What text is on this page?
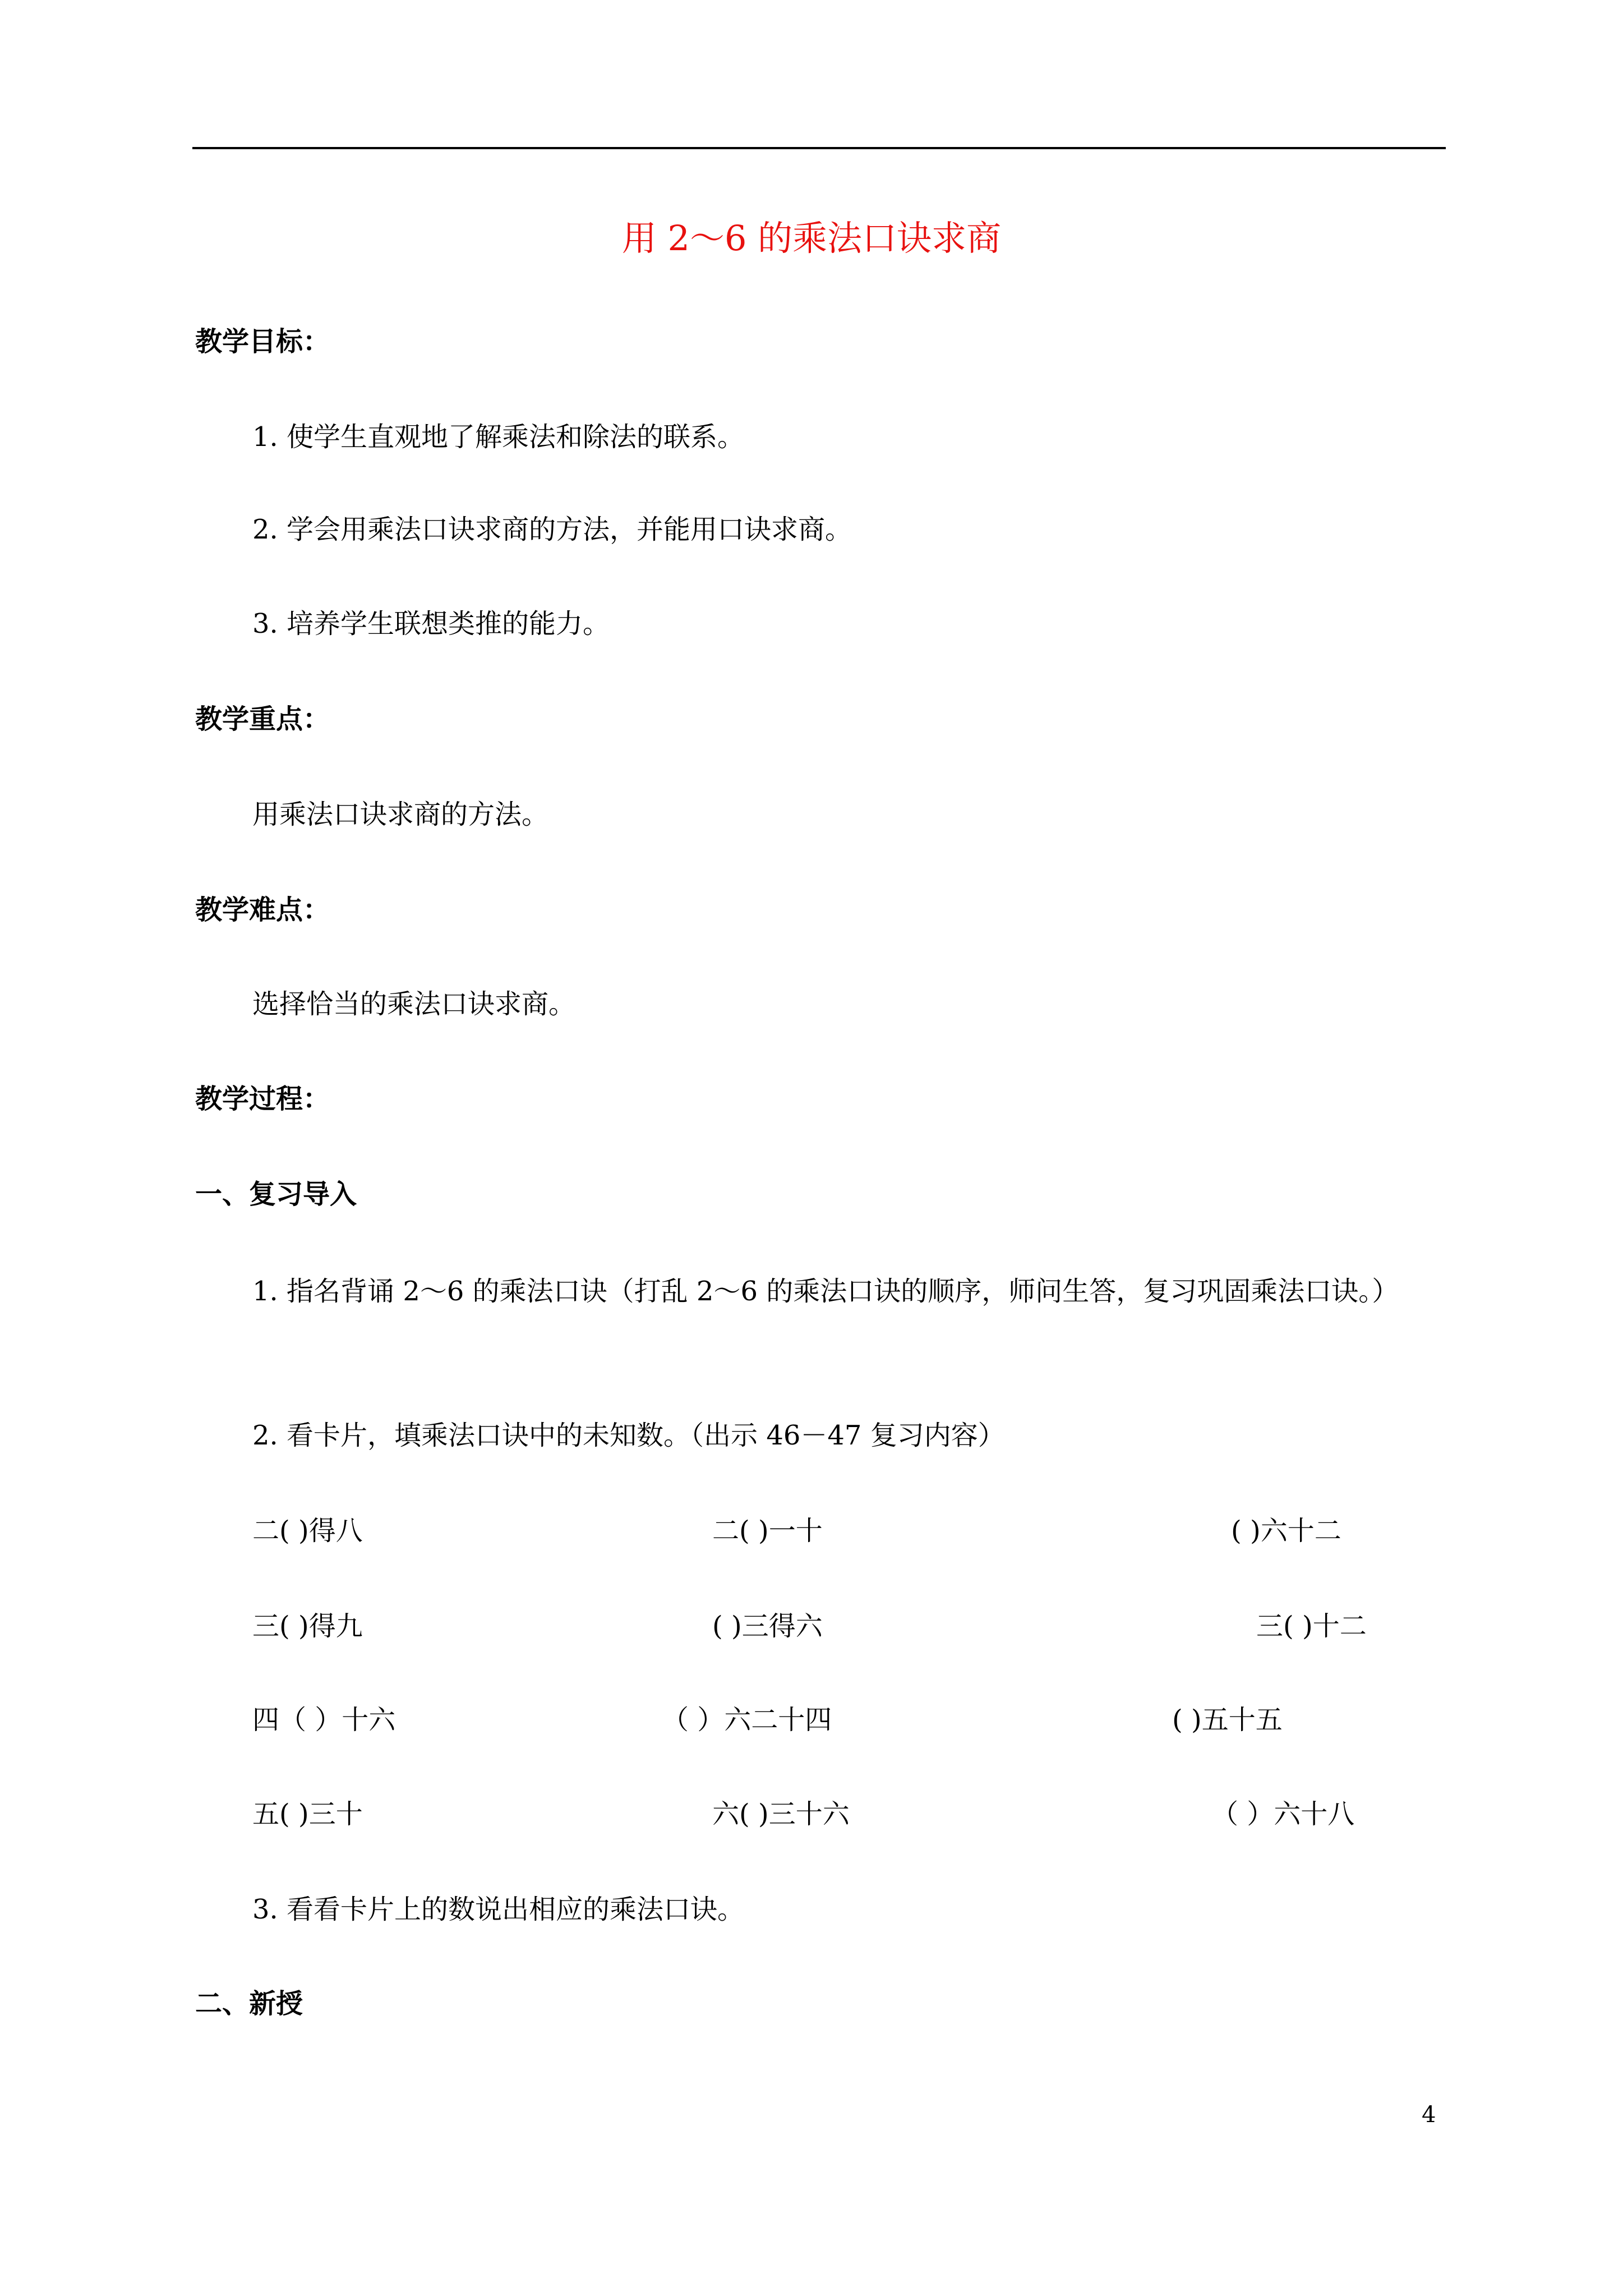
用 2～6 的乘法口诀求商
教学目标：
1. 使学生直观地了解乘法和除法的联系。
2. 学会用乘法口诀求商的方法，并能用口诀求商。
3. 培养学生联想类推的能力。
教学重点：
用乘法口诀求商的方法。
教学难点：
选择恰当的乘法口诀求商。
教学过程：
一、复习导入
1. 指名背诵 2～6 的乘法口诀（打乱 2～6 的乘法口诀的顺序，师问生答，复习巩固乘法口诀。）
2. 看卡片，填乘法口诀中的未知数。（出示 46－47 复习内容）
二( )得八	二( )一十	( )六十二
三( )得九	( )三得六	三( )十二
四（ ）十六	（ ）六二十四	( )五十五
五( )三十	六( )三十六	（ ）六十八
3. 看看卡片上的数说出相应的乘法口诀。
二、新授
4
